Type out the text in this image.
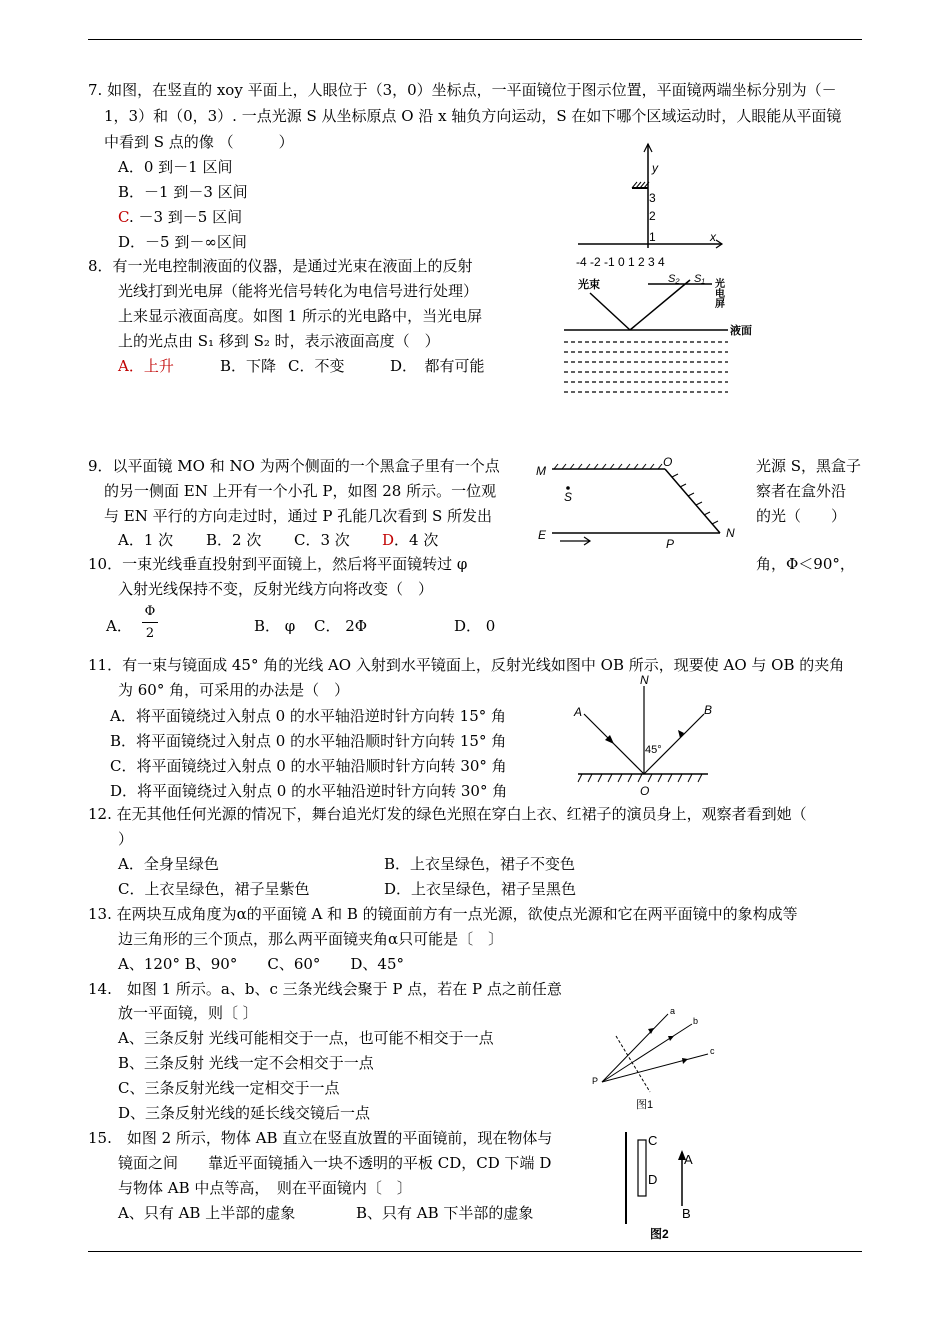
7. 如图，在竖直的 xoy 平面上，人眼位于（3，0）坐标点，一平面镜位于图示位置，平面镜两端坐标分别为（－
1，3）和（0，3）. 一点光源 S 从坐标原点 O 沿 x 轴负方向运动，S 在如下哪个区域运动时，人眼能从平面镜
中看到 S 点的像 （　　　）
A．0 到－1 区间
B．－1 到－3 区间
C. －3 到－5 区间
D．－5 到－∞区间
y
x
3
2
1
-4 -2 -1 0 1 2 3 4
8．有一光电控制液面的仪器，是通过光束在液面上的反射
光线打到光电屏（能将光信号转化为电信号进行处理）
上来显示液面高度。如图 1 所示的光电路中，当光电屏
上的光点由 S₁ 移到 S₂ 时，表示液面高度（　）
A．上升	B．下降 C．不变	D．　都有可能
光束	S₂ S₁ 光电屏
液面
9．以平面镜 MO 和 NO 为两个侧面的一个黑盒子里有一个点	光源 S，黑盒子
的另一侧面 EN 上开有一个小孔 P，如图 28 所示。一位观	察者在盒外沿
与 EN 平行的方向走过时，通过 P 孔能几次看到 S 所发出	的光（　　）
A．1 次 B．2 次 C．3 次 D．4 次
M
O
S
E
P
N
10．一束光线垂直投射到平面镜上，然后将平面镜转过 φ	角，Φ＜90°，
入射光线保持不变，反射光线方向将改变（　）
A．
Φ
2	B． φ C． 2Φ	D． 0
11．有一束与镜面成 45° 角的光线 AO 入射到水平镜面上，反射光线如图中 OB 所示，现要使 AO 与 OB 的夹角
为 60° 角，可采用的办法是（　）
A．将平面镜绕过入射点 0 的水平轴沿逆时针方向转 15° 角
B．将平面镜绕过入射点 0 的水平轴沿顺时针方向转 15° 角
C．将平面镜绕过入射点 0 的水平轴沿顺时针方向转 30° 角
D．将平面镜绕过入射点 0 的水平轴沿逆时针方向转 30° 角
N
A	B
O
45°
12. 在无其他任何光源的情况下，舞台追光灯发的绿色光照在穿白上衣、红裙子的演员身上，观察者看到她（
）
A．全身呈绿色	B．上衣呈绿色，裙子不变色
C．上衣呈绿色，裙子呈紫色	D．上衣呈绿色，裙子呈黑色
13. 在两块互成角度为α的平面镜 A 和 B 的镜面前方有一点光源，欲使点光源和它在两平面镜中的象构成等
边三角形的三个顶点，那么两平面镜夹角α只可能是〔　〕
A、120° B、90°　　C、60°　　D、45°
14.　如图 1 所示。a、b、c 三条光线会聚于 P 点，若在 P 点之前任意
放一平面镜，则〔 〕
A、三条反射 光线可能相交于一点，也可能不相交于一点
B、三条反射 光线一定不会相交于一点
C、三条反射光线一定相交于一点
D、三条反射光线的延长线交镜后一点
a
b
c
P
图1
15.　如图 2 所示，物体 AB 直立在竖直放置的平面镜前，现在物体与
镜面之间　　靠近平面镜插入一块不透明的平板 CD，CD 下端 D
与物体 AB 中点等高，　则在平面镜内〔　〕
A、只有 AB 上半部的虚象	B、只有 AB 下半部的虚象
C
D
A
B
图2
